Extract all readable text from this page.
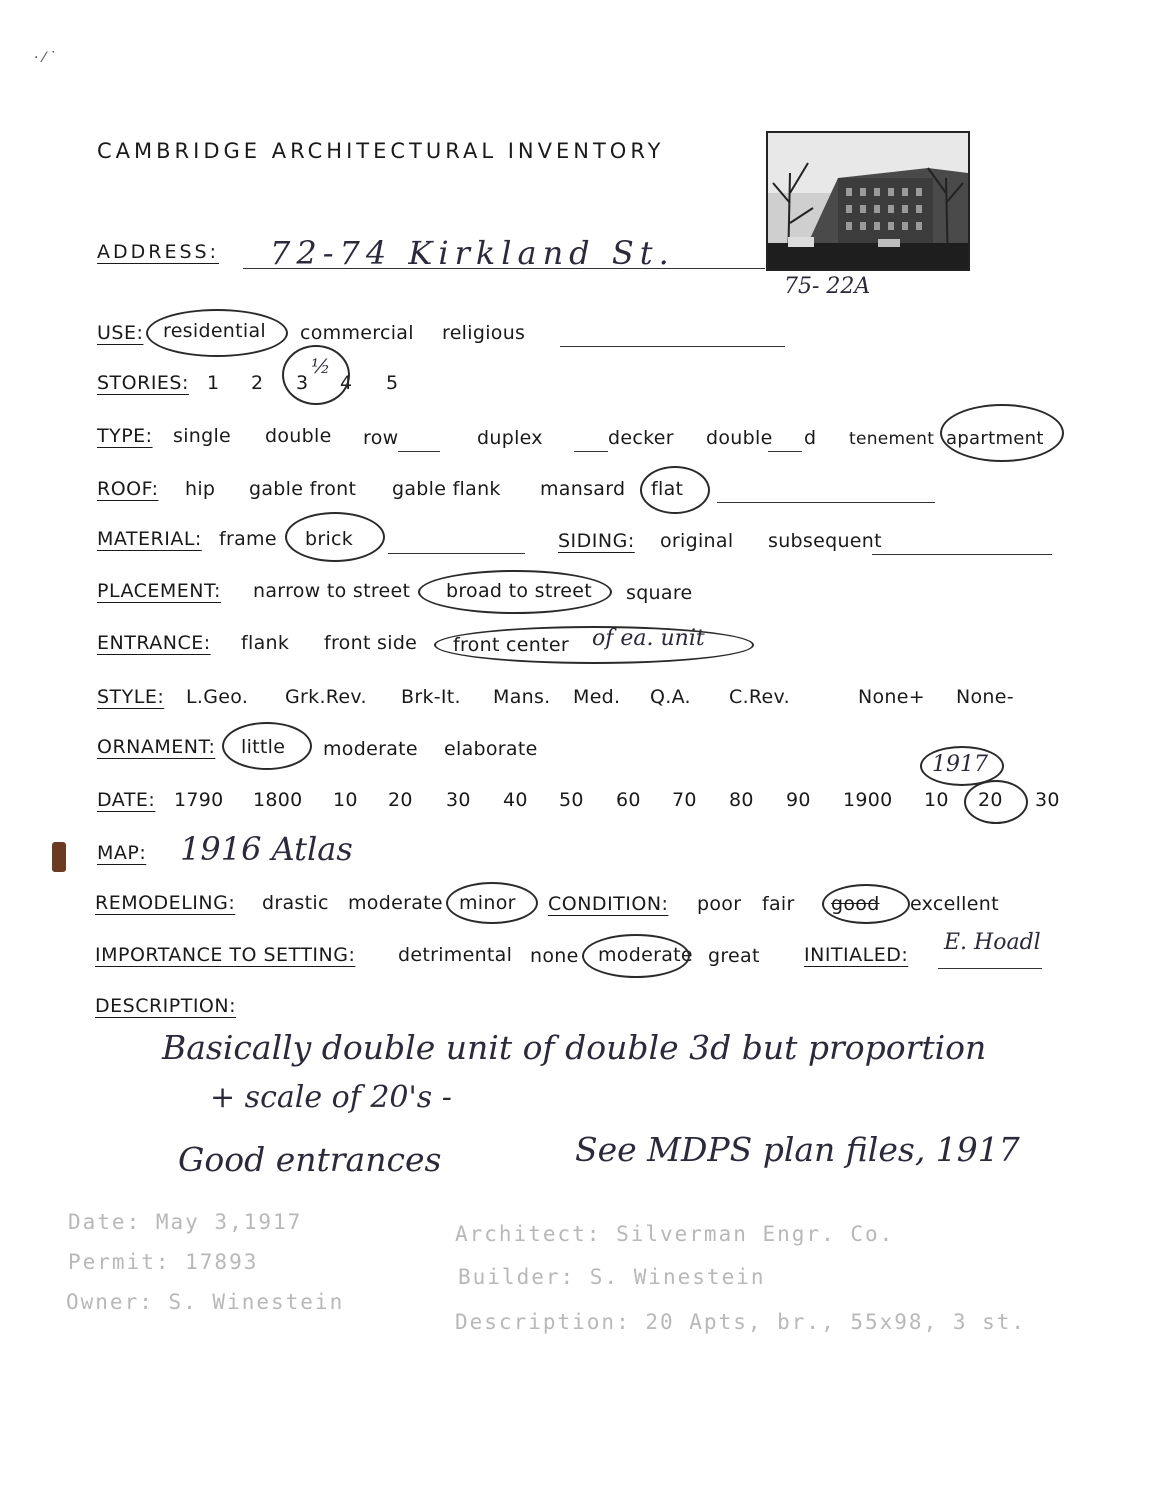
· ⁄ ˙
CAMBRIDGE ARCHITECTURAL INVENTORY
75- 22A
ADDRESS: 72-74 Kirkland St.
USE: residential commercial religious
STORIES: 1 2 3
½
4 5
TYPE: single double row	duplex	decker double d tenement apartment
ROOF: hip gable front gable flank mansard flat
MATERIAL: frame brick	SIDING: original subsequent
PLACEMENT: narrow to street broad to street square
ENTRANCE: flank front side front center of ea. unit
STYLE: L.Geo. Grk.Rev. Brk-It. Mans. Med. Q.A. C.Rev.	None+ None-
ORNAMENT: little moderate elaborate
DATE: 1790 1800 10 20 30 40 50 60 70 80 90 1900 10 20 30
1917
MAP: 1916 Atlas
REMODELING: drastic moderate minor CONDITION: poor fair good excellent
IMPORTANCE TO SETTING: detrimental none moderate great INITIALED: E. Hoadl
DESCRIPTION:
Basically double unit of double 3d but proportion
+ scale of 20's -
Good entrances	See MDPS plan files, 1917
Date: May 3,1917
Permit: 17893
Owner: S. Winestein
Architect: Silverman Engr. Co.
Builder: S. Winestein
Description: 20 Apts, br., 55x98, 3 st.
